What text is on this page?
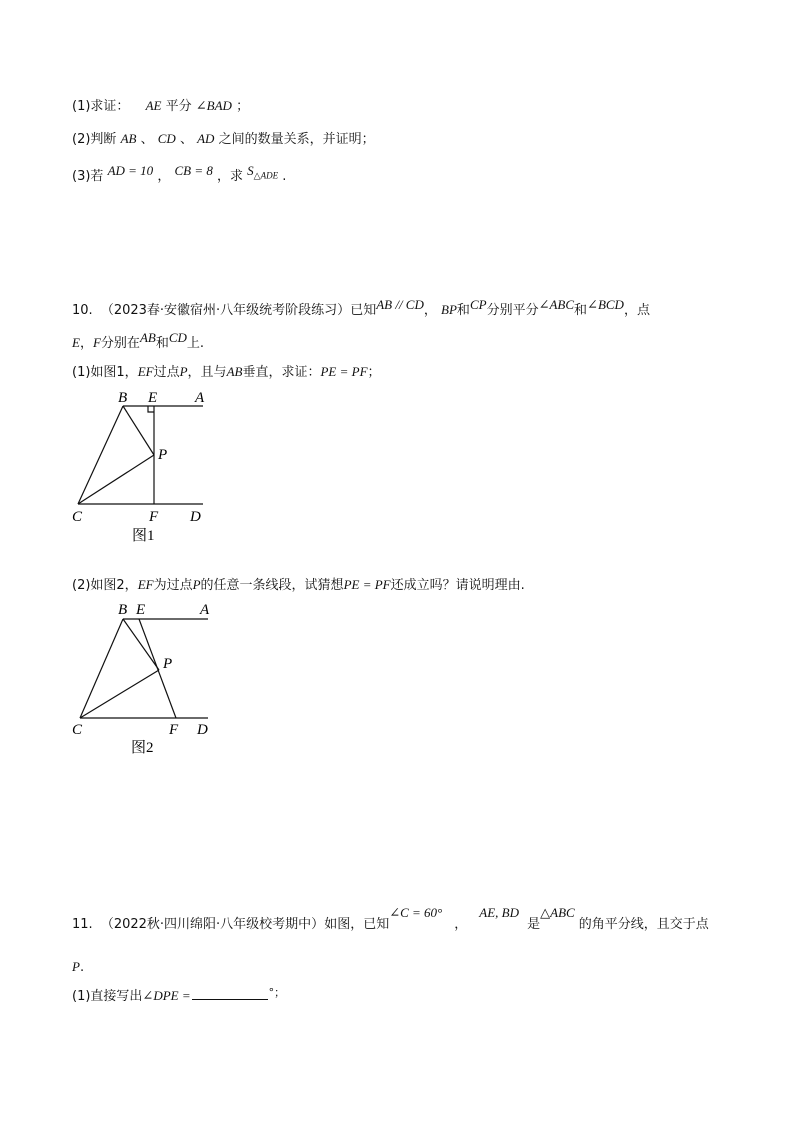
(1)求证： AE 平分 ∠BAD ；
(2)判断 AB 、 CD 、 AD 之间的数量关系，并证明；
(3)若 AD = 10 ， CB = 8 ，求 $S_{\triangle ADE}$ .
10. （2023春·安徽宿州·八年级统考阶段练习）已知AB // CD， BP和CP分别平分∠ABC和∠BCD，点
E，F分别在AB和CD上.
(1)如图1，EF过点P，且与AB垂直，求证：PE = PF；
B E	A
P
C	F D
图1
(2)如图2，EF为过点P的任意一条线段，试猜想PE = PF还成立吗？请说明理由.
B E	A
P
C	F D
图2
11. （2022秋·四川绵阳·八年级校考期中）如图，已知∠C = 60°，AE, BD 是△ABC的角平分线，且交于点
P.
(1)直接写出∠DPE =	°；
